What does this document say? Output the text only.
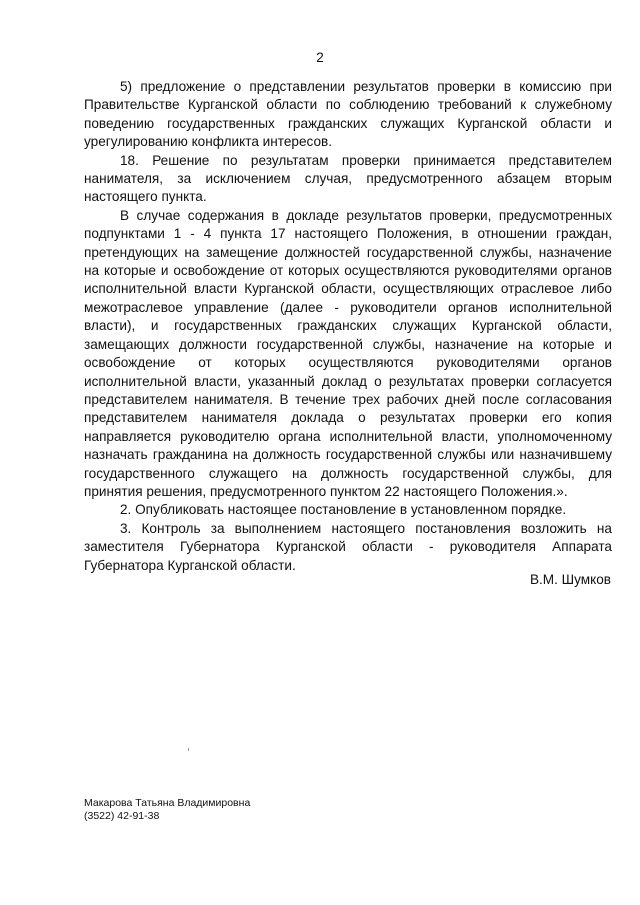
2

5) предложение о представлении результатов проверки в комиссию при Правительстве Курганской области по соблюдению требований к служебному поведению государственных гражданских служащих Курганской области и урегулированию конфликта интересов.

18. Решение по результатам проверки принимается представителем нанимателя, за исключением случая, предусмотренного абзацем вторым настоящего пункта.

В случае содержания в докладе результатов проверки, предусмотренных подпунктами 1 - 4 пункта 17 настоящего Положения, в отношении граждан, претендующих на замещение должностей государственной службы, назначение на которые и освобождение от которых осуществляются руководителями органов исполнительной власти Курганской области, осуществляющих отраслевое либо межотраслевое управление (далее - руководители органов исполнительной власти), и государственных гражданских служащих Курганской области, замещающих должности государственной службы, назначение на которые и освобождение от которых осуществляются руководителями органов исполнительной власти, указанный доклад о результатах проверки согласуется представителем нанимателя. В течение трех рабочих дней после согласования представителем нанимателя доклада о результатах проверки его копия направляется руководителю органа исполнительной власти, уполномоченному назначать гражданина на должность государственной службы или назначившему государственного служащего на должность государственной службы, для принятия решения, предусмотренного пунктом 22 настоящего Положения.».

2. Опубликовать настоящее постановление в установленном порядке.

3. Контроль за выполнением настоящего постановления возложить на заместителя Губернатора Курганской области - руководителя Аппарата Губернатора Курганской области.

В.М. Шумков
Макарова Татьяна Владимировна
(3522) 42-91-38
